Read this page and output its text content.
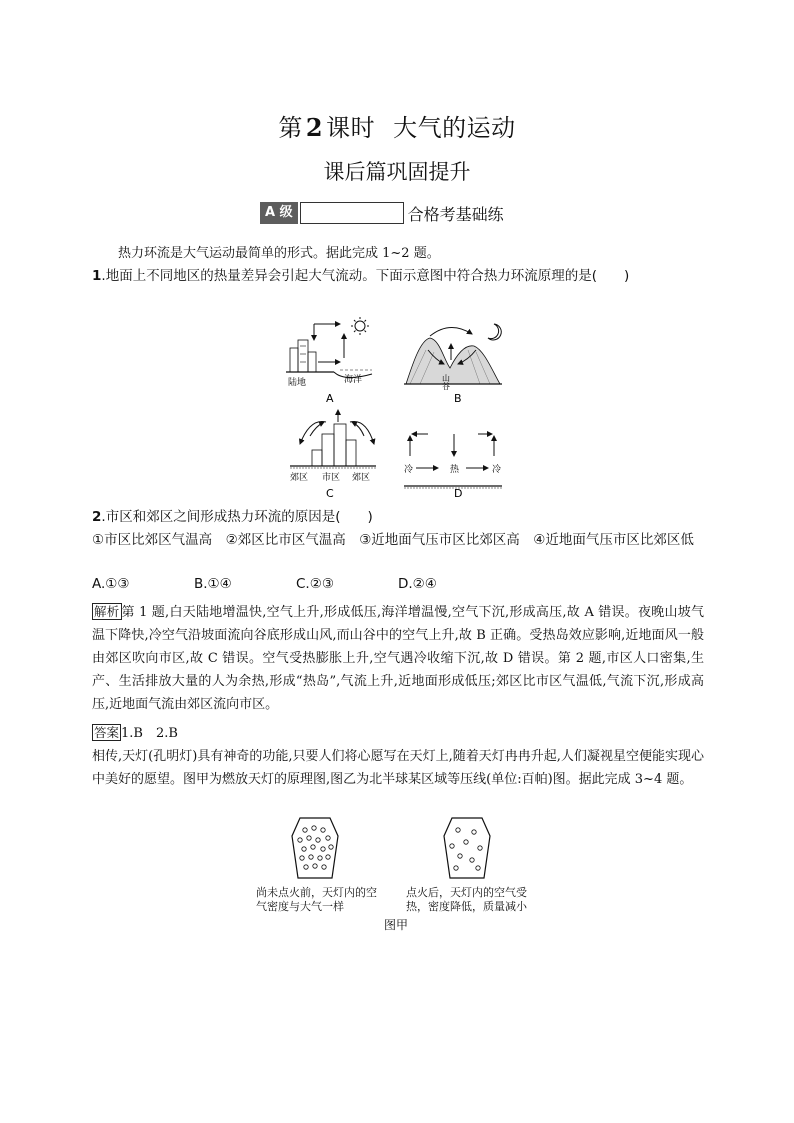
第 2 课时 大气的运动
课后篇巩固提升
A 级	合格考基础练
热力环流是大气运动最简单的形式。据此完成 1~2 题。
1.地面上不同地区的热量差异会引起大气流动。下面示意图中符合热力环流原理的是(　　)
陆地	海洋
A
山谷
B
郊区 市区 郊区
C
冷	热	冷
D
2.市区和郊区之间形成热力环流的原因是(　　)
①市区比郊区气温高　②郊区比市区气温高　③近地面气压市区比郊区高　④近地面气压市区比郊区低
A.①③	B.①④	C.②③	D.②④
解析 第 1 题,白天陆地增温快,空气上升,形成低压,海洋增温慢,空气下沉,形成高压,故 A 错误。夜晚山坡气温下降快,冷空气沿坡面流向谷底形成山风,而山谷中的空气上升,故 B 正确。受热岛效应影响,近地面风一般由郊区吹向市区,故 C 错误。空气受热膨胀上升,空气遇冷收缩下沉,故 D 错误。第 2 题,市区人口密集,生产、生活排放大量的人为余热,形成“热岛”,气流上升,近地面形成低压;郊区比市区气温低,气流下沉,形成高压,近地面气流由郊区流向市区。
答案 1.B　2.B
相传,天灯(孔明灯)具有神奇的功能,只要人们将心愿写在天灯上,随着天灯冉冉升起,人们凝视星空便能实现心中美好的愿望。图甲为燃放天灯的原理图,图乙为北半球某区域等压线(单位:百帕)图。据此完成 3~4 题。
尚未点火前，天灯内的空气密度与大气一样
点火后，天灯内的空气受热，密度降低，质量减小
图甲
